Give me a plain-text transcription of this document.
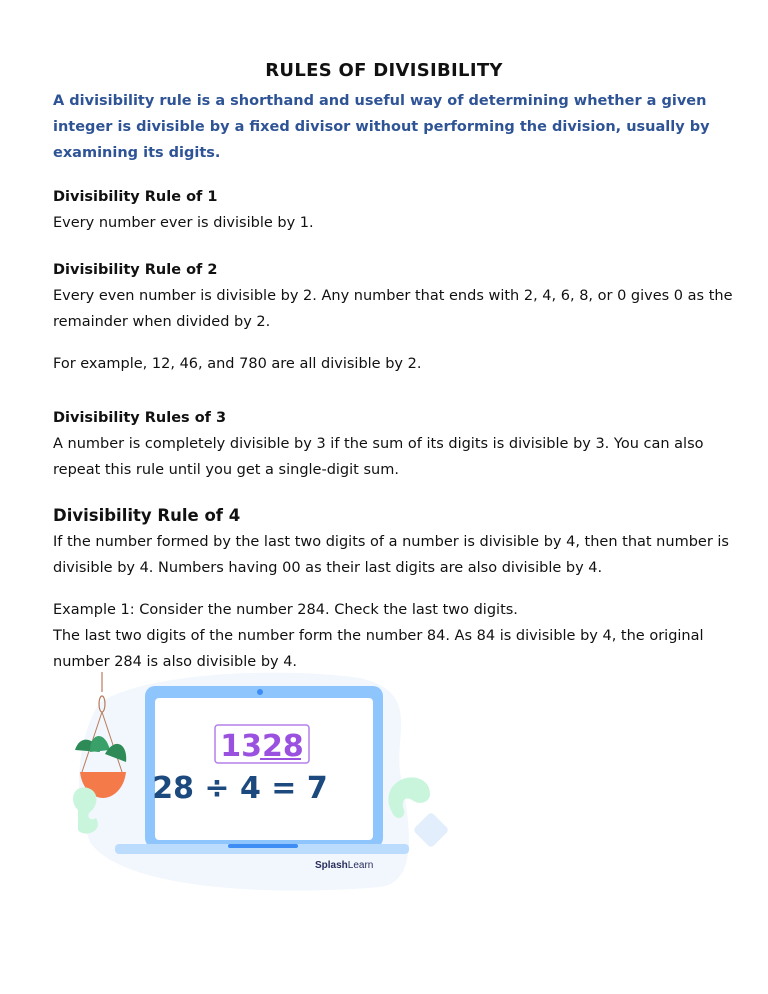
RULES OF DIVISIBILITY
A divisibility rule is a shorthand and useful way of determining whether a given integer is divisible by a fixed divisor without performing the division, usually by examining its digits.
Divisibility Rule of 1
Every number ever is divisible by 1.
Divisibility Rule of 2
Every even number is divisible by 2. Any number that ends with 2, 4, 6, 8, or 0 gives 0 as the remainder when divided by 2.
For example, 12, 46, and 780 are all divisible by 2.
Divisibility Rules of 3
A number is completely divisible by 3 if the sum of its digits is divisible by 3. You can also repeat this rule until you get a single-digit sum.
Divisibility Rule of 4
If the number formed by the last two digits of a number is divisible by 4, then that number is divisible by 4. Numbers having 00 as their last digits are also divisible by 4.
Example 1: Consider the number 284. Check the last two digits.
The last two digits of the number form the number 84. As 84 is divisible by 4, the original number 284 is also divisible by 4.
1328
28 ÷ 4 = 7
SplashLearn
